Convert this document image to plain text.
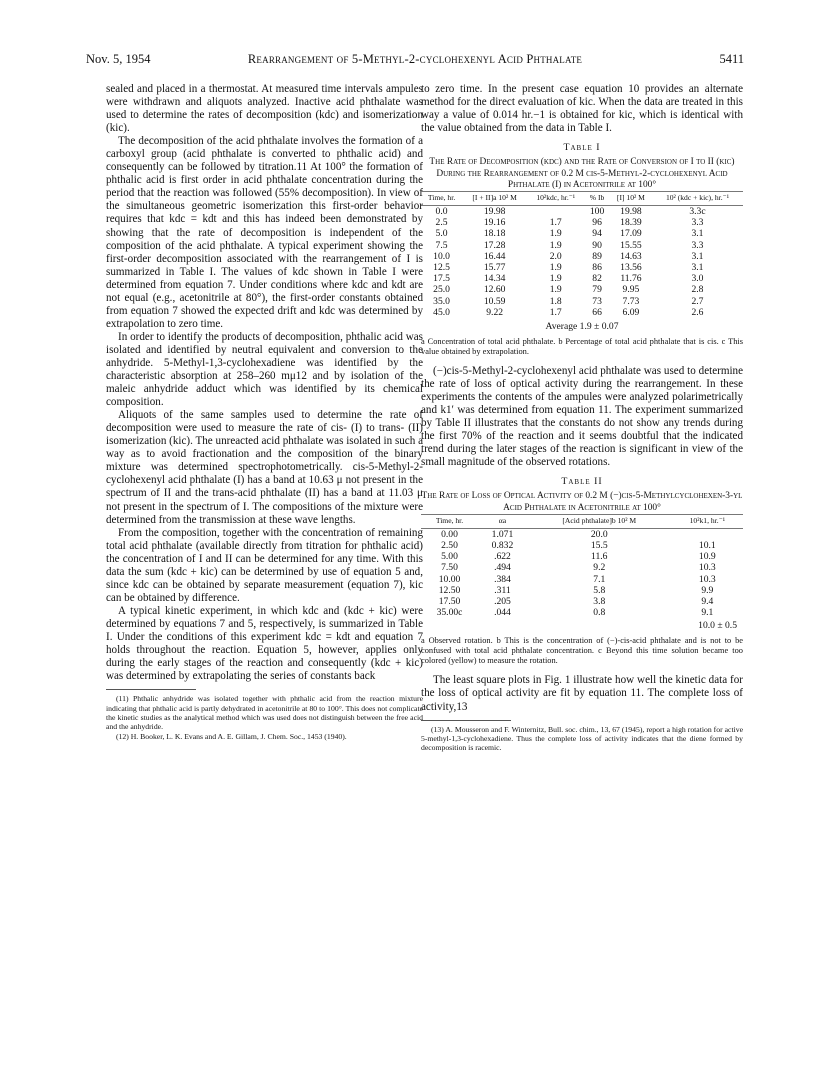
Nov. 5, 1954	Rearrangement of 5-Methyl-2-cyclohexenyl Acid Phthalate	5411

sealed and placed in a thermostat. At measured time intervals ampules were withdrawn and aliquots analyzed. Inactive acid phthalate was used to determine the rates of decomposition (kdc) and isomerization (kic).

The decomposition of the acid phthalate involves the formation of a carboxyl group (acid phthalate is converted to phthalic acid) and consequently can be followed by titration.11 At 100° the formation of phthalic acid is first order in acid phthalate concentration during the period that the reaction was followed (55% decomposition). In view of the simultaneous geometric isomerization this first-order behavior requires that kdc = kdt and this has indeed been demonstrated by showing that the rate of decomposition is independent of the composition of the acid phthalate. A typical experiment showing the first-order decomposition associated with the rearrangement of I is summarized in Table I. The values of kdc shown in Table I were determined from equation 7. Under conditions where kdc and kdt are not equal (e.g., acetonitrile at 80°), the first-order constants obtained from equation 7 showed the expected drift and kdc was determined by extrapolation to zero time.

In order to identify the products of decomposition, phthalic acid was isolated and identified by neutral equivalent and conversion to the anhydride. 5-Methyl-1,3-cyclohexadiene was identified by the characteristic absorption at 258–260 mμ12 and by isolation of the maleic anhydride adduct which was identified by its chemical composition.

Aliquots of the same samples used to determine the rate of decomposition were used to measure the rate of cis- (I) to trans- (II) isomerization (kic). The unreacted acid phthalate was isolated in such a way as to avoid fractionation and the composition of the binary mixture was determined spectrophotometrically. cis-5-Methyl-2-cyclohexenyl acid phthalate (I) has a band at 10.63 μ not present in the spectrum of II and the trans-acid phthalate (II) has a band at 11.03 μ not present in the spectrum of I. The compositions of the mixture were determined from the transmission at these wave lengths.

From the composition, together with the concentration of remaining total acid phthalate (available directly from titration for phthalic acid) the concentration of I and II can be determined for any time. With this data the sum (kdc + kic) can be determined by use of equation 5 and, since kdc can be obtained by separate measurement (equation 7), kic can be obtained by difference.

A typical kinetic experiment, in which kdc and (kdc + kic) were determined by equations 7 and 5, respectively, is summarized in Table I. Under the conditions of this experiment kdc = kdt and equation 7 holds throughout the reaction. Equation 5, however, applies only during the early stages of the reaction and consequently (kdc + kic) was determined by extrapolating the series of constants back

(11) Phthalic anhydride was isolated together with phthalic acid from the reaction mixture indicating that phthalic acid is partly dehydrated in acetonitrile at 80 to 100°. This does not complicate the kinetic studies as the analytical method which was used does not distinguish between the free acid and the anhydride.

(12) H. Booker, L. K. Evans and A. E. Gillam, J. Chem. Soc., 1453 (1940).

to zero time. In the present case equation 10 provides an alternate method for the direct evaluation of kic. When the data are treated in this way a value of 0.014 hr.−1 is obtained for kic, which is identical with the value obtained from the data in Table I.

Table I
The Rate of Decomposition (kdc) and the Rate of Conversion of I to II (kic) During the Rearrangement of 0.2 M cis-5-Methyl-2-cyclohexenyl Acid Phthalate (I) in Acetonitrile at 100°
Time, hr.	[I + II]a 10² M	10²kdc, hr.⁻¹	% Ib	[I] 10² M	10² (kdc + kic), hr.⁻¹
0.0	19.98		100	19.98	3.3c
2.5	19.16	1.7	96	18.39	3.3
5.0	18.18	1.9	94	17.09	3.1
7.5	17.28	1.9	90	15.55	3.3
10.0	16.44	2.0	89	14.63	3.1
12.5	15.77	1.9	86	13.56	3.1
17.5	14.34	1.9	82	11.76	3.0
25.0	12.60	1.9	79	9.95	2.8
35.0	10.59	1.8	73	7.73	2.7
45.0	9.22	1.7	66	6.09	2.6
Average 1.9 ± 0.07

a Concentration of total acid phthalate. b Percentage of total acid phthalate that is cis. c This value obtained by extrapolation.

(−)cis-5-Methyl-2-cyclohexenyl acid phthalate was used to determine the rate of loss of optical activity during the rearrangement. In these experiments the contents of the ampules were analyzed polarimetrically and k1′ was determined from equation 11. The experiment summarized by Table II illustrates that the constants do not show any trends during the first 70% of the reaction and it seems doubtful that the indicated trend during the later stages of the reaction is significant in view of the small magnitude of the observed rotations.

Table II
The Rate of Loss of Optical Activity of 0.2 M (−)cis-5-Methylcyclohexen-3-yl Acid Phthalate in Acetonitrile at 100°
Time, hr.	αa	[Acid phthalate]b 10² M	10²k1, hr.⁻¹
0.00	1.071	20.0	
2.50	0.832	15.5	10.1
5.00	.622	11.6	10.9
7.50	.494	9.2	10.3
10.00	.384	7.1	10.3
12.50	.311	5.8	9.9
17.50	.205	3.8	9.4
35.00c	.044	0.8	9.1
10.0 ± 0.5

a Observed rotation. b This is the concentration of (−)-cis-acid phthalate and is not to be confused with total acid phthalate concentration. c Beyond this time solution became too colored (yellow) to measure the rotation.

The least square plots in Fig. 1 illustrate how well the kinetic data for the loss of optical activity are fit by equation 11. The complete loss of activity,13

(13) A. Mousseron and F. Winternitz, Bull. soc. chim., 13, 67 (1945), report a high rotation for active 5-methyl-1,3-cyclohexadiene. Thus the complete loss of activity indicates that the diene formed by decomposition is racemic.
